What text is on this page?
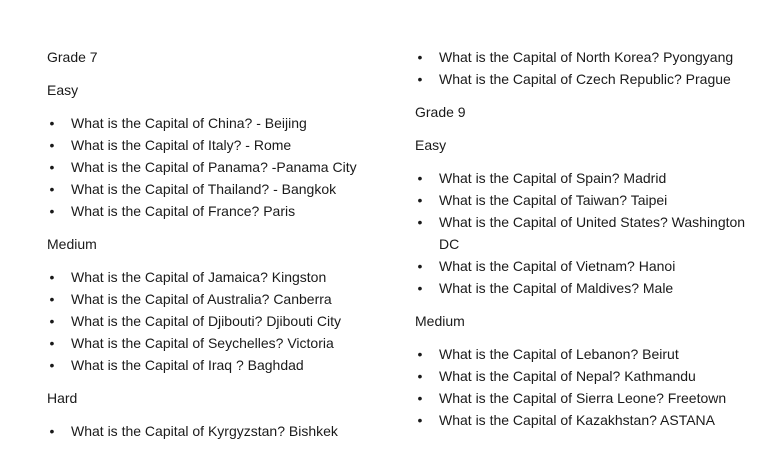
Grade 7
Easy
• What is the Capital of China? - Beijing
• What is the Capital of Italy? - Rome
• What is the Capital of Panama? -Panama City
• What is the Capital of Thailand? - Bangkok
• What is the Capital of France? Paris
Medium
• What is the Capital of Jamaica? Kingston
• What is the Capital of Australia? Canberra
• What is the Capital of Djibouti? Djibouti City
• What is the Capital of Seychelles? Victoria
• What is the Capital of Iraq ? Baghdad
Hard
• What is the Capital of Kyrgyzstan? Bishkek
• What is the Capital of North Korea? Pyongyang
• What is the Capital of Czech Republic? Prague
Grade 9
Easy
• What is the Capital of Spain? Madrid
• What is the Capital of Taiwan? Taipei
• What is the Capital of United States? Washington DC
• What is the Capital of Vietnam? Hanoi
• What is the Capital of Maldives? Male
Medium
• What is the Capital of Lebanon? Beirut
• What is the Capital of Nepal? Kathmandu
• What is the Capital of Sierra Leone? Freetown
• What is the Capital of Kazakhstan? ASTANA
